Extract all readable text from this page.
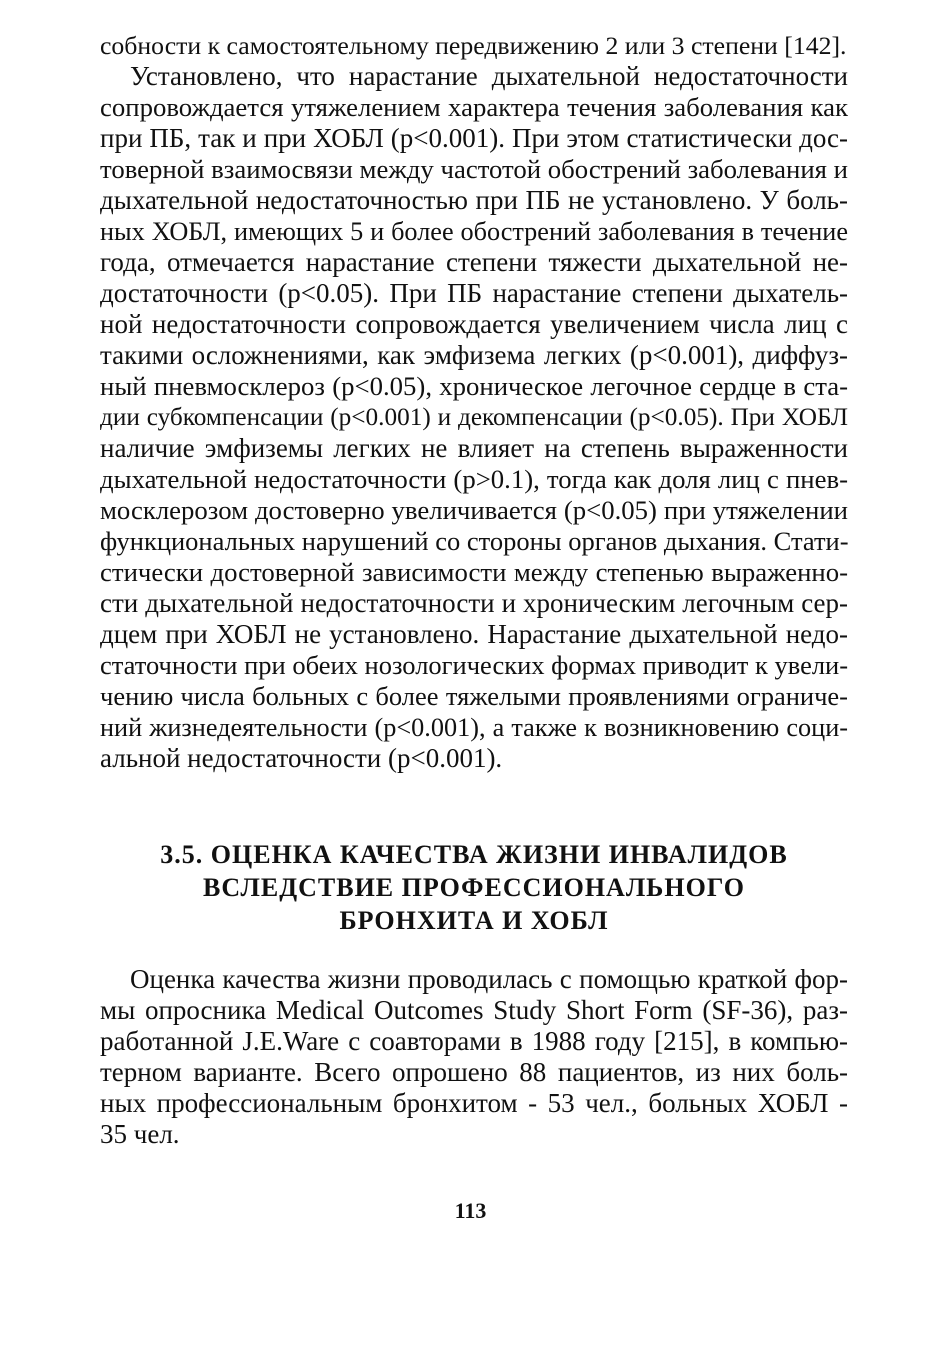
собности к самостоятельному передвижению 2 или 3 степени [142].
Установлено, что нарастание дыхательной недостаточности
сопровождается утяжелением характера течения заболевания как
при ПБ, так и при ХОБЛ (р<0.001). При этом статистически дос-
товерной взаимосвязи между частотой обострений заболевания и
дыхательной недостаточностью при ПБ не установлено. У боль-
ных ХОБЛ, имеющих 5 и более обострений заболевания в течение
года, отмечается нарастание степени тяжести дыхательной не-
достаточности (р<0.05). При ПБ нарастание степени дыхатель-
ной недостаточности сопровождается увеличением числа лиц с
такими осложнениями, как эмфизема легких (р<0.001), диффуз-
ный пневмосклероз (р<0.05), хроническое легочное сердце в ста-
дии субкомпенсации (р<0.001) и декомпенсации (р<0.05). При ХОБЛ
наличие эмфиземы легких не влияет на степень выраженности
дыхательной недостаточности (р>0.1), тогда как доля лиц с пнев-
москлерозом достоверно увеличивается (р<0.05) при утяжелении
функциональных нарушений со стороны органов дыхания. Стати-
стически достоверной зависимости между степенью выраженно-
сти дыхательной недостаточности и хроническим легочным сер-
дцем при ХОБЛ не установлено. Нарастание дыхательной недо-
статочности при обеих нозологических формах приводит к увели-
чению числа больных с более тяжелыми проявлениями ограниче-
ний жизнедеятельности (р<0.001), а также к возникновению соци-
альной недостаточности (р<0.001).
3.5. ОЦЕНКА КАЧЕСТВА ЖИЗНИ ИНВАЛИДОВ
ВСЛЕДСТВИЕ ПРОФЕССИОНАЛЬНОГО
БРОНХИТА И ХОБЛ
Оценка качества жизни проводилась с помощью краткой фор-
мы опросника Medical Outcomes Study Short Form (SF-36), раз-
работанной J.E.Ware с соавторами в 1988 году [215], в компью-
терном варианте. Всего опрошено 88 пациентов, из них боль-
ных профессиональным бронхитом - 53 чел., больных ХОБЛ -
35 чел.
113
